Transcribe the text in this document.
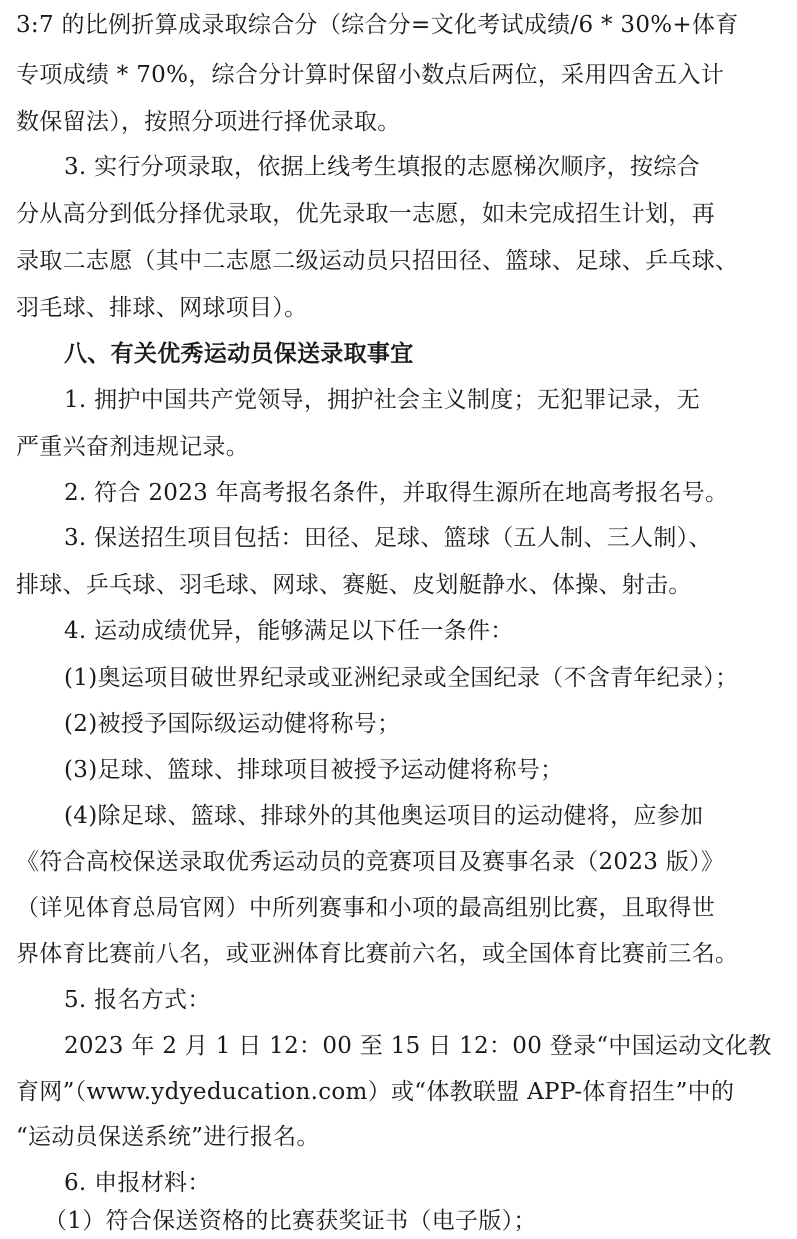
3:7 的比例折算成录取综合分（综合分=文化考试成绩/6 * 30%+体育
专项成绩 * 70%，综合分计算时保留小数点后两位，采用四舍五入计
数保留法），按照分项进行择优录取。
3. 实行分项录取，依据上线考生填报的志愿梯次顺序，按综合
分从高分到低分择优录取，优先录取一志愿，如未完成招生计划，再
录取二志愿（其中二志愿二级运动员只招田径、篮球、足球、乒乓球、
羽毛球、排球、网球项目）。
八、有关优秀运动员保送录取事宜
1. 拥护中国共产党领导，拥护社会主义制度；无犯罪记录，无
严重兴奋剂违规记录。
2. 符合 2023 年高考报名条件，并取得生源所在地高考报名号。
3. 保送招生项目包括：田径、足球、篮球（五人制、三人制）、
排球、乒乓球、羽毛球、网球、赛艇、皮划艇静水、体操、射击。
4. 运动成绩优异，能够满足以下任一条件：
(1)奥运项目破世界纪录或亚洲纪录或全国纪录（不含青年纪录）；
(2)被授予国际级运动健将称号；
(3)足球、篮球、排球项目被授予运动健将称号；
(4)除足球、篮球、排球外的其他奥运项目的运动健将，应参加
《符合高校保送录取优秀运动员的竞赛项目及赛事名录（2023 版）》
（详见体育总局官网）中所列赛事和小项的最高组别比赛，且取得世
界体育比赛前八名，或亚洲体育比赛前六名，或全国体育比赛前三名。
5. 报名方式：
2023 年 2 月 1 日 12：00 至 15 日 12：00 登录“中国运动文化教
育网”（www.ydyeducation.com）或“体教联盟 APP-体育招生”中的
“运动员保送系统”进行报名。
6. 申报材料：
（1）符合保送资格的比赛获奖证书（电子版）；
